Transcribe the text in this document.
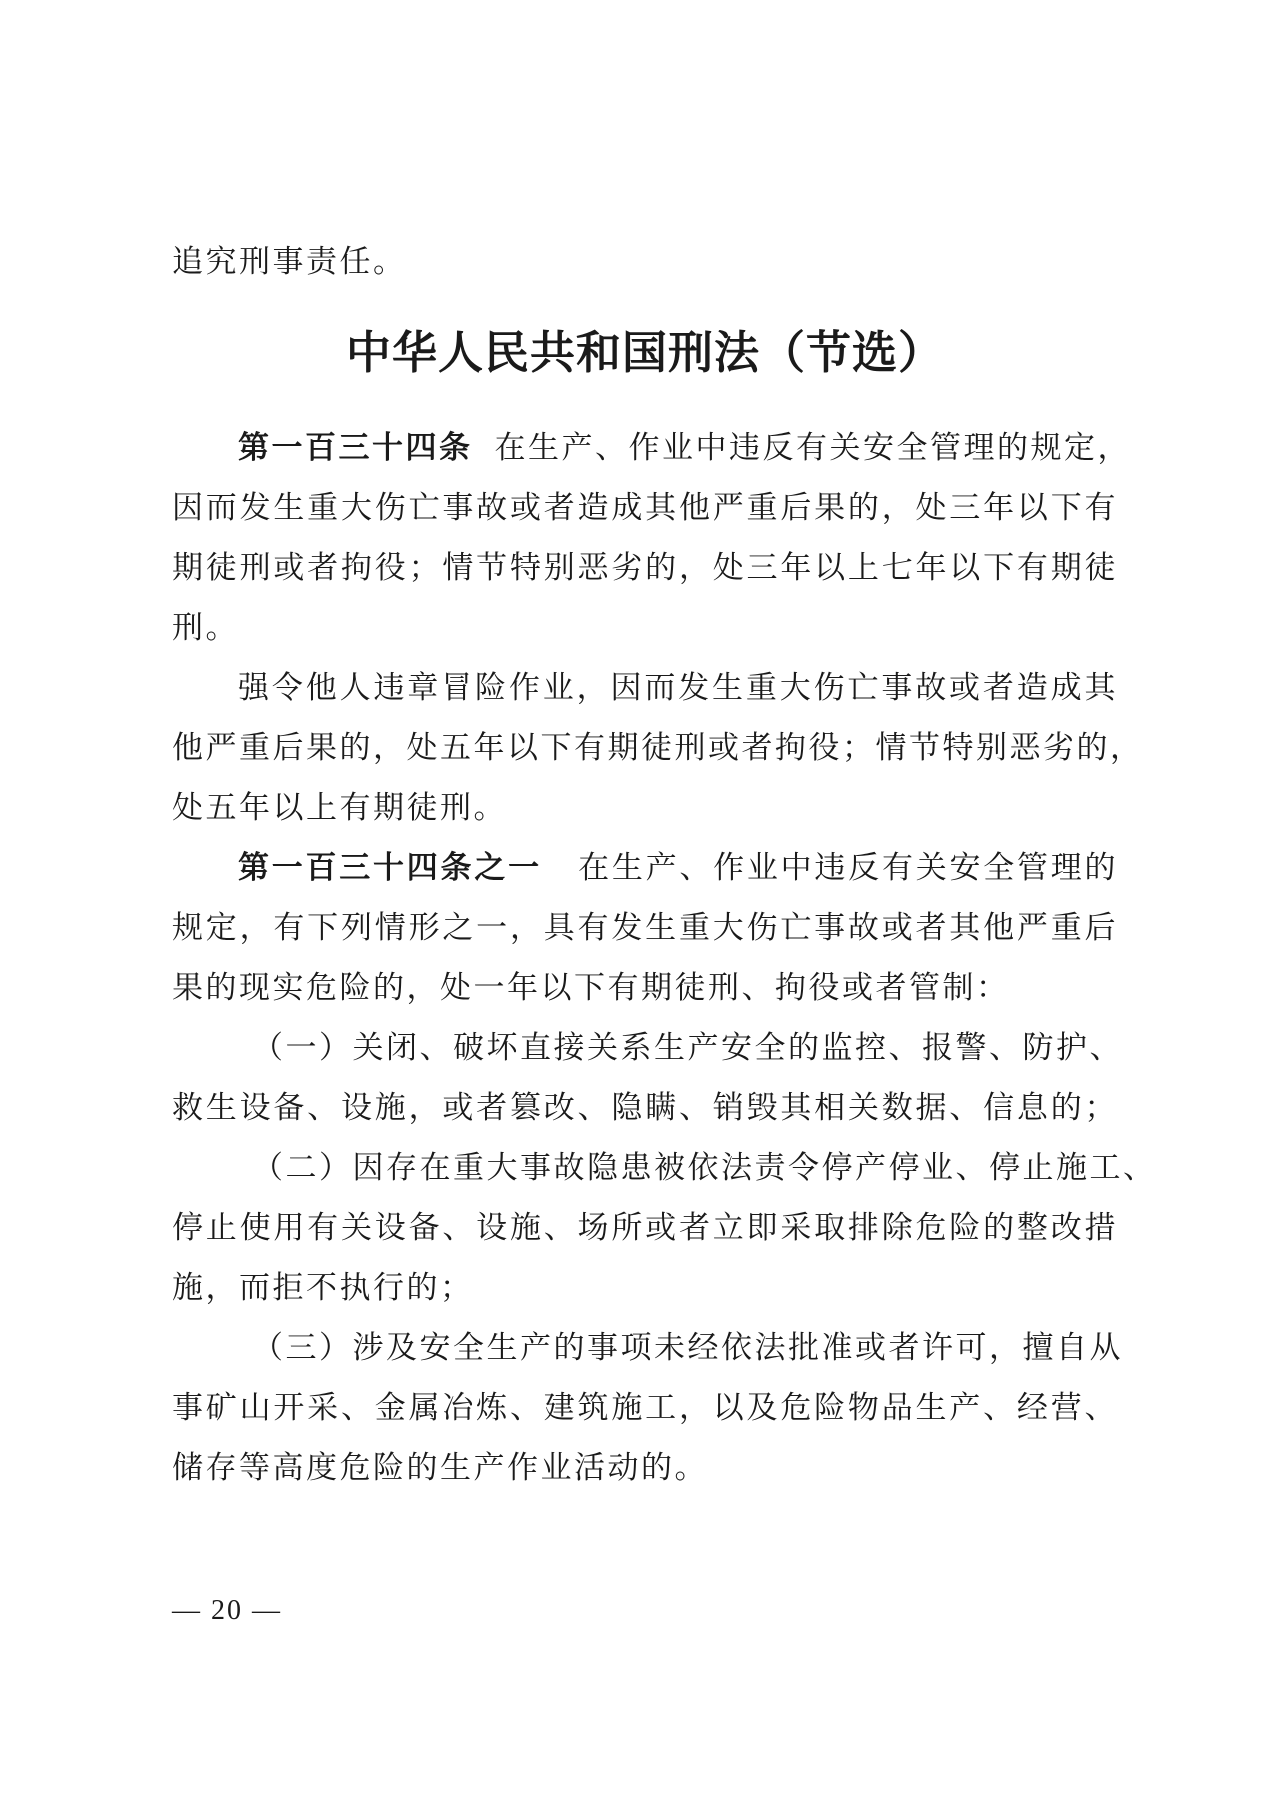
追究刑事责任。
中华人民共和国刑法（节选）
第一百三十四条 在生产、作业中违反有关安全管理的规定，
因而发生重大伤亡事故或者造成其他严重后果的，处三年以下有
期徒刑或者拘役；情节特别恶劣的，处三年以上七年以下有期徒
刑。
强令他人违章冒险作业，因而发生重大伤亡事故或者造成其
他严重后果的，处五年以下有期徒刑或者拘役；情节特别恶劣的，
处五年以上有期徒刑。
第一百三十四条之一 在生产、作业中违反有关安全管理的
规定，有下列情形之一，具有发生重大伤亡事故或者其他严重后
果的现实危险的，处一年以下有期徒刑、拘役或者管制：
（一）关闭、破坏直接关系生产安全的监控、报警、防护、
救生设备、设施，或者篡改、隐瞒、销毁其相关数据、信息的；
（二）因存在重大事故隐患被依法责令停产停业、停止施工、
停止使用有关设备、设施、场所或者立即采取排除危险的整改措
施，而拒不执行的；
（三）涉及安全生产的事项未经依法批准或者许可，擅自从
事矿山开采、金属冶炼、建筑施工，以及危险物品生产、经营、
储存等高度危险的生产作业活动的。
— 20 —
